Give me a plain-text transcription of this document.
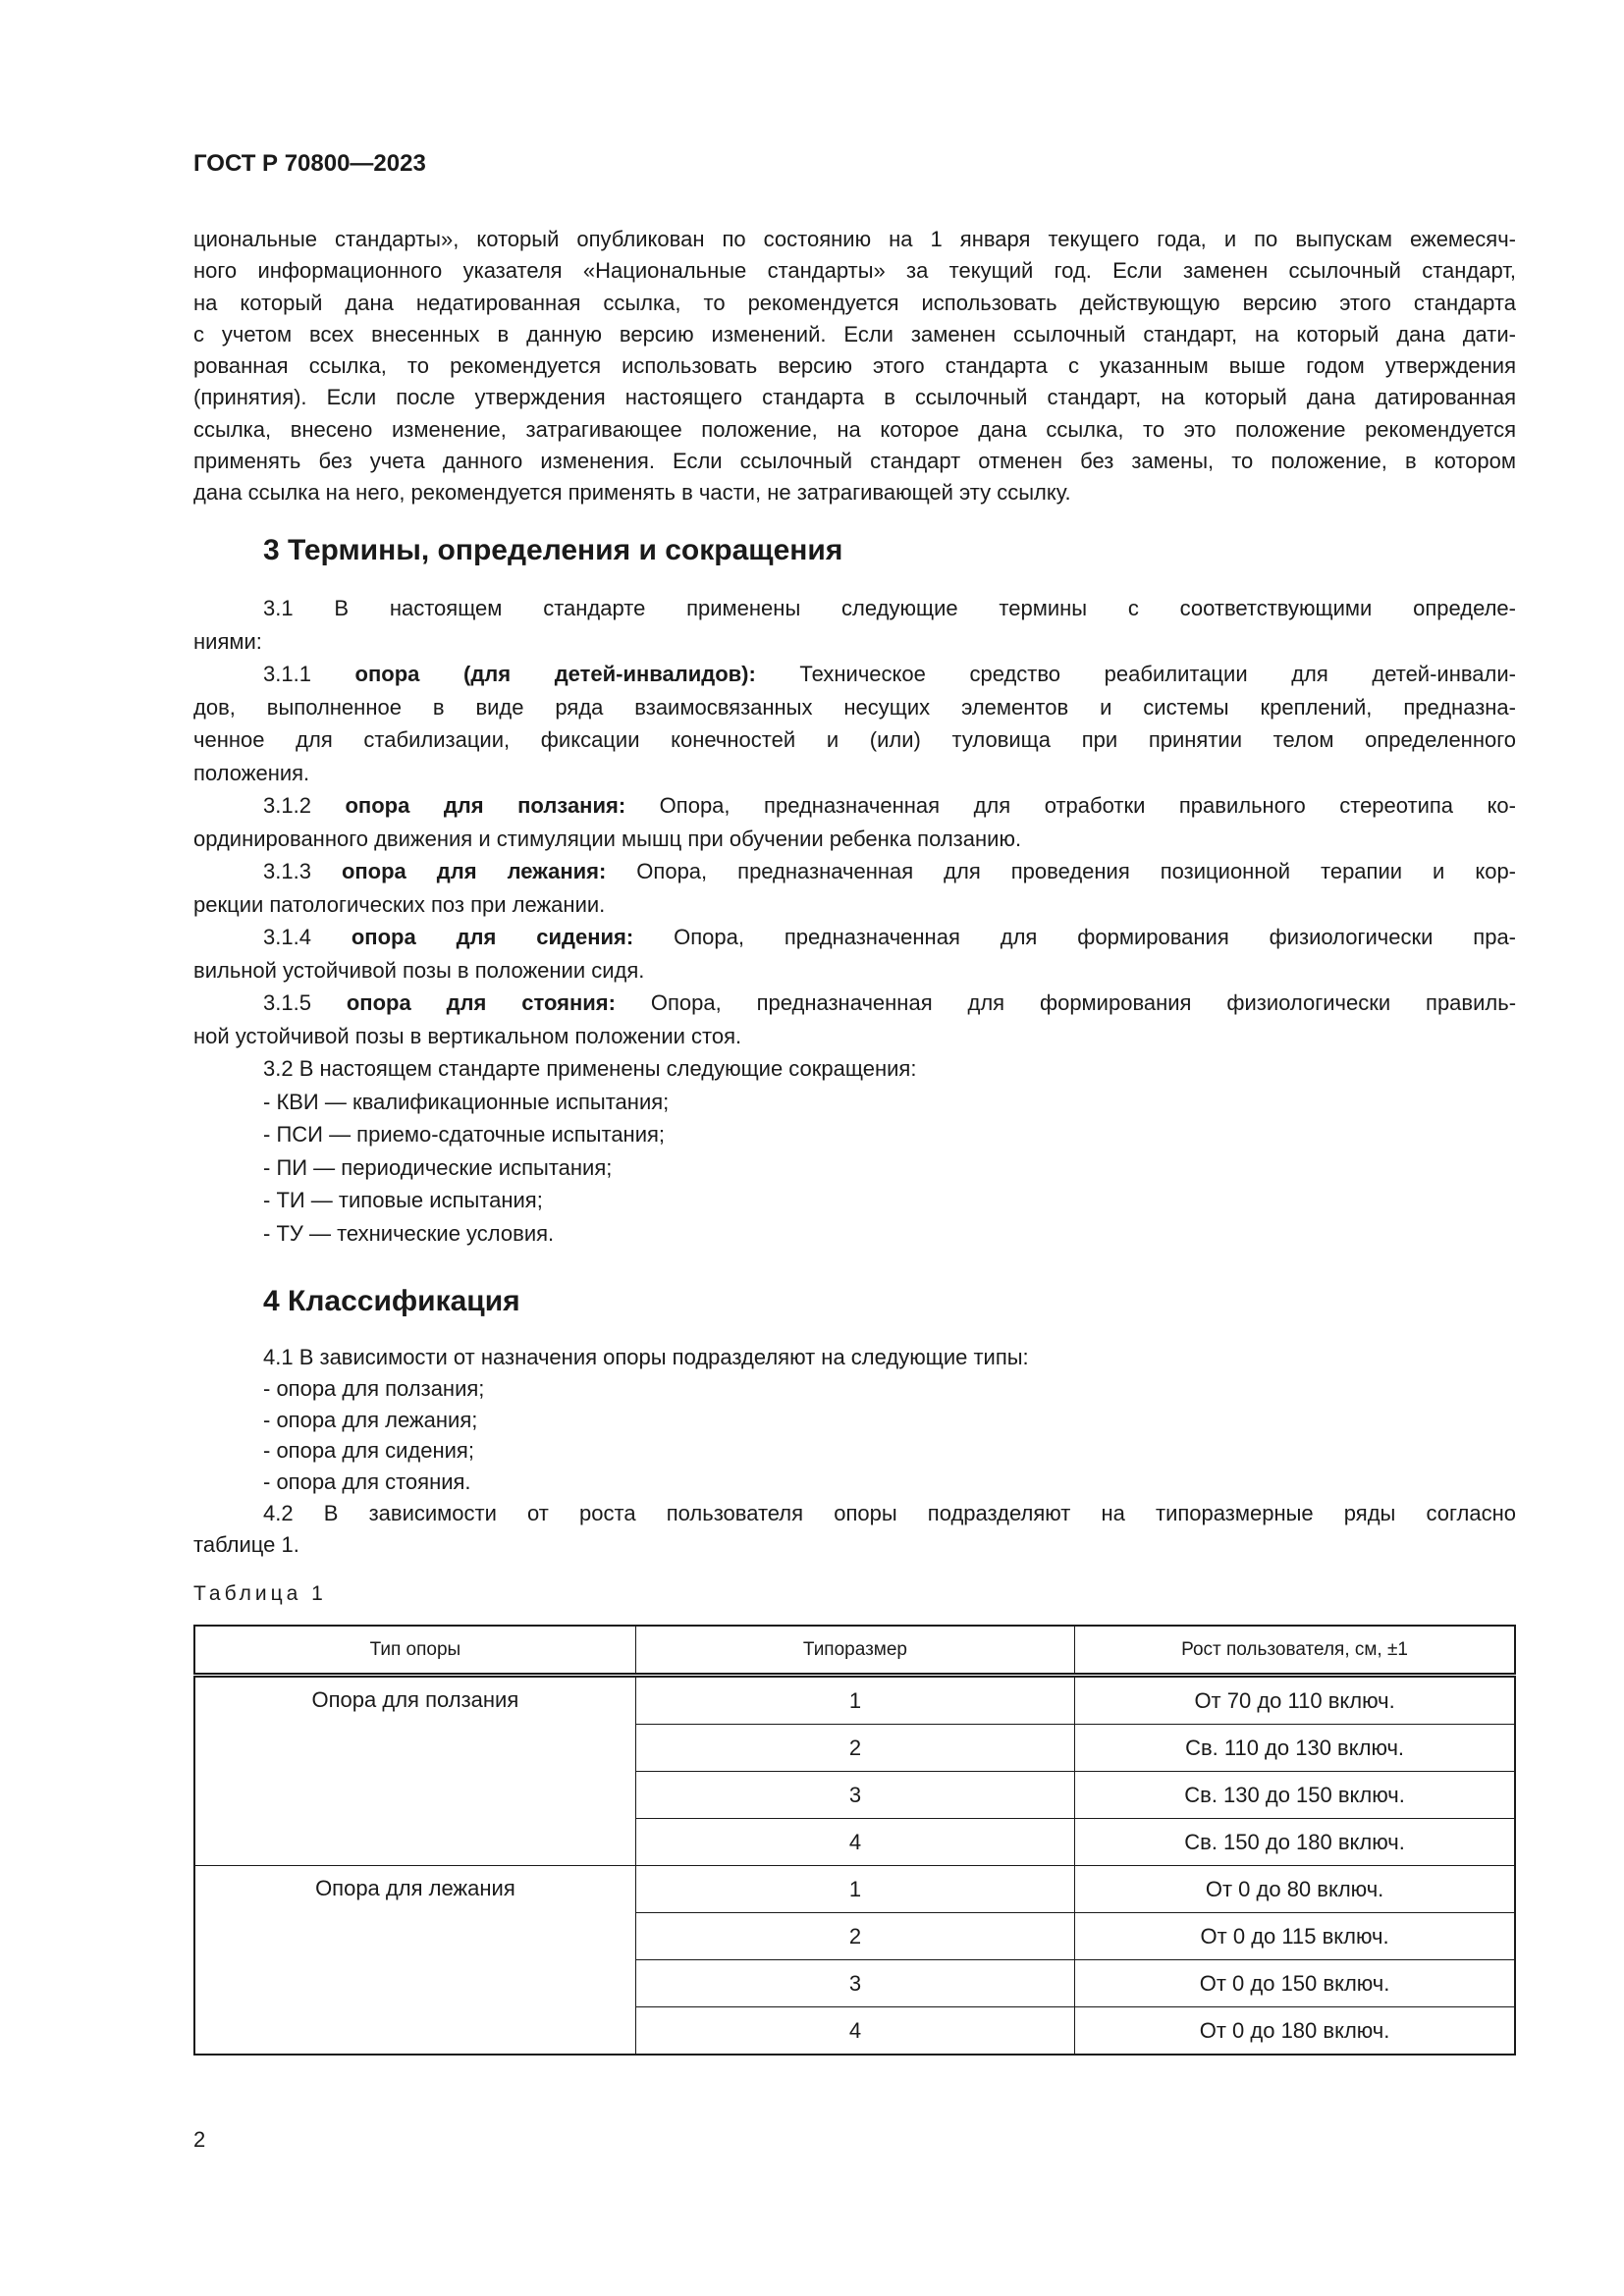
ГОСТ Р 70800—2023
циональные стандарты», который опубликован по состоянию на 1 января текущего года, и по выпускам ежемесяч-
ного информационного указателя «Национальные стандарты» за текущий год. Если заменен ссылочный стандарт,
на который дана недатированная ссылка, то рекомендуется использовать действующую версию этого стандарта
с учетом всех внесенных в данную версию изменений. Если заменен ссылочный стандарт, на который дана дати-
рованная ссылка, то рекомендуется использовать версию этого стандарта с указанным выше годом утверждения
(принятия). Если после утверждения настоящего стандарта в ссылочный стандарт, на который дана датированная
ссылка, внесено изменение, затрагивающее положение, на которое дана ссылка, то это положение рекомендуется
применять без учета данного изменения. Если ссылочный стандарт отменен без замены, то положение, в котором
дана ссылка на него, рекомендуется применять в части, не затрагивающей эту ссылку.
3 Термины, определения и сокращения
3.1 В настоящем стандарте применены следующие термины с соответствующими определе-
ниями:
3.1.1 опора (для детей-инвалидов): Техническое средство реабилитации для детей-инвали-
дов, выполненное в виде ряда взаимосвязанных несущих элементов и системы креплений, предназна-
ченное для стабилизации, фиксации конечностей и (или) туловища при принятии телом определенного
положения.
3.1.2 опора для ползания: Опора, предназначенная для отработки правильного стереотипа ко-
ординированного движения и стимуляции мышц при обучении ребенка ползанию.
3.1.3 опора для лежания: Опора, предназначенная для проведения позиционной терапии и кор-
рекции патологических поз при лежании.
3.1.4 опора для сидения: Опора, предназначенная для формирования физиологически пра-
вильной устойчивой позы в положении сидя.
3.1.5 опора для стояния: Опора, предназначенная для формирования физиологически правиль-
ной устойчивой позы в вертикальном положении стоя.
3.2 В настоящем стандарте применены следующие сокращения:
- КВИ — квалификационные испытания;
- ПСИ — приемо-сдаточные испытания;
- ПИ — периодические испытания;
- ТИ — типовые испытания;
- ТУ — технические условия.
4 Классификация
4.1 В зависимости от назначения опоры подразделяют на следующие типы:
- опора для ползания;
- опора для лежания;
- опора для сидения;
- опора для стояния.
4.2 В зависимости от роста пользователя опоры подразделяют на типоразмерные ряды согласно
таблице 1.
Таблица 1
Тип опоры	Типоразмер	Рост пользователя, см, ±1
Опора для ползания	1	От 70 до 110 включ.
	2	Св. 110 до 130 включ.
	3	Св. 130 до 150 включ.
	4	Св. 150 до 180 включ.
Опора для лежания	1	От 0 до 80 включ.
	2	От 0 до 115 включ.
	3	От 0 до 150 включ.
	4	От 0 до 180 включ.
2
